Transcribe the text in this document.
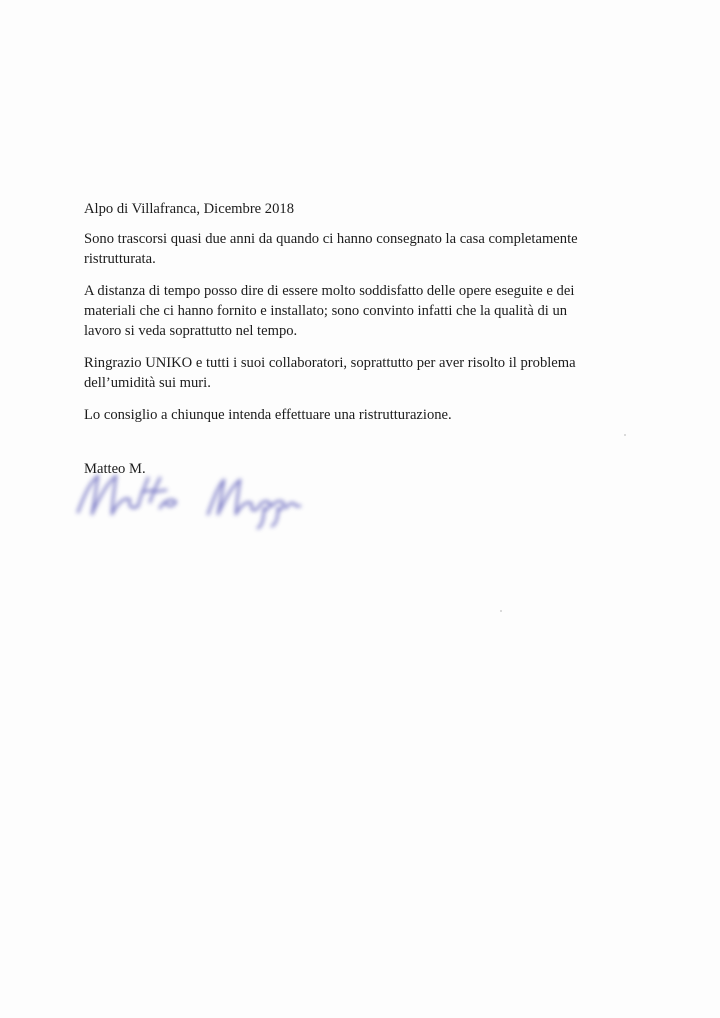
Alpo di Villafranca, Dicembre 2018

Sono trascorsi quasi due anni da quando ci hanno consegnato la casa completamente ristrutturata.

A distanza di tempo posso dire di essere molto soddisfatto delle opere eseguite e dei materiali che ci hanno fornito e installato; sono convinto infatti che la qualità di un lavoro si veda soprattutto nel tempo.

Ringrazio UNIKO e tutti i suoi collaboratori, soprattutto per aver risolto il problema dell’umidità sui muri.

Lo consiglio a chiunque intenda effettuare una ristrutturazione.

Matteo M.
